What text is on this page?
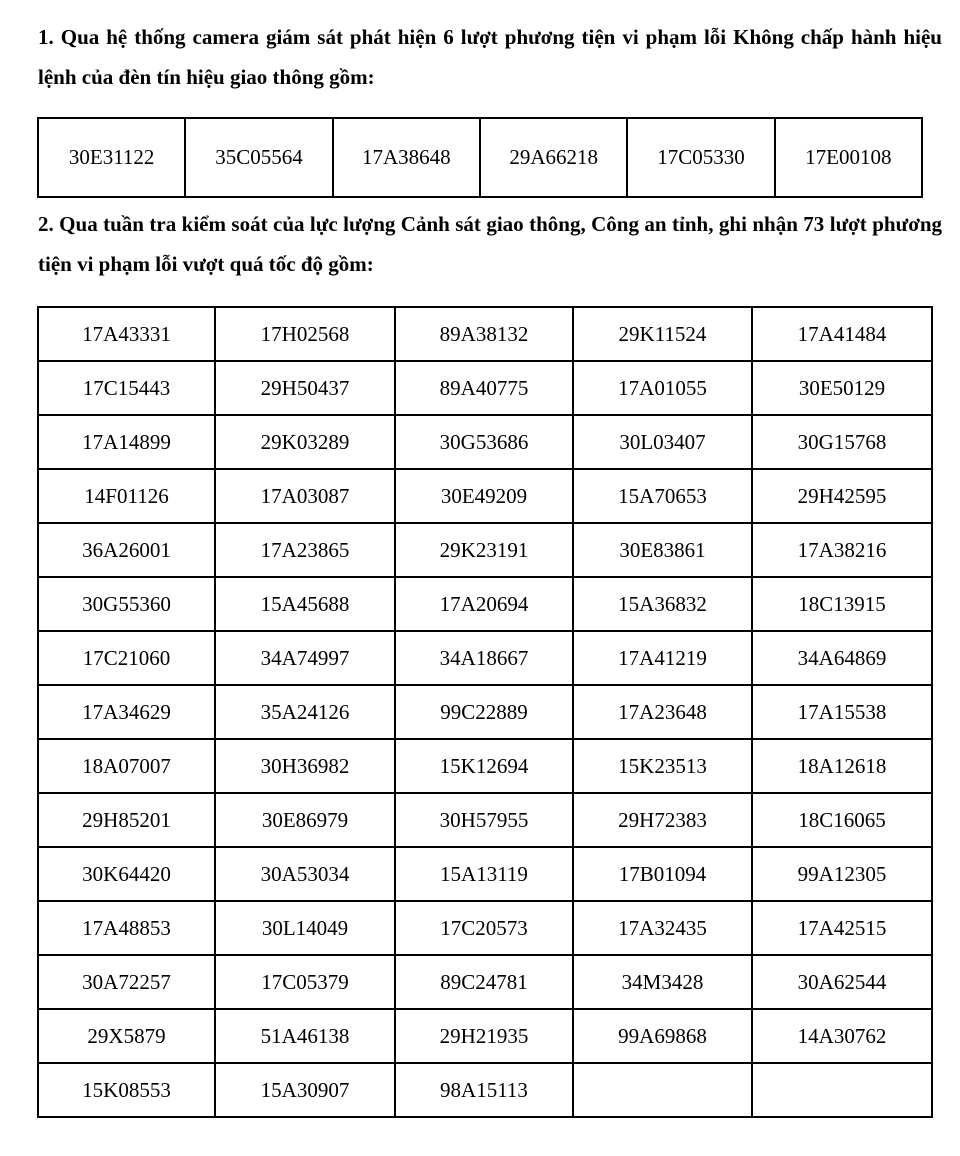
1. Qua hệ thống camera giám sát phát hiện 6 lượt phương tiện vi phạm lỗi Không chấp hành hiệu lệnh của đèn tín hiệu giao thông gồm:
30E31122	35C05564	17A38648	29A66218	17C05330	17E00108
2. Qua tuần tra kiểm soát của lực lượng Cảnh sát giao thông, Công an tỉnh, ghi nhận 73 lượt phương tiện vi phạm lỗi vượt quá tốc độ gồm:
17A43331	17H02568	89A38132	29K11524	17A41484
17C15443	29H50437	89A40775	17A01055	30E50129
17A14899	29K03289	30G53686	30L03407	30G15768
14F01126	17A03087	30E49209	15A70653	29H42595
36A26001	17A23865	29K23191	30E83861	17A38216
30G55360	15A45688	17A20694	15A36832	18C13915
17C21060	34A74997	34A18667	17A41219	34A64869
17A34629	35A24126	99C22889	17A23648	17A15538
18A07007	30H36982	15K12694	15K23513	18A12618
29H85201	30E86979	30H57955	29H72383	18C16065
30K64420	30A53034	15A13119	17B01094	99A12305
17A48853	30L14049	17C20573	17A32435	17A42515
30A72257	17C05379	89C24781	34M3428	30A62544
29X5879	51A46138	29H21935	99A69868	14A30762
15K08553	15A30907	98A15113		
